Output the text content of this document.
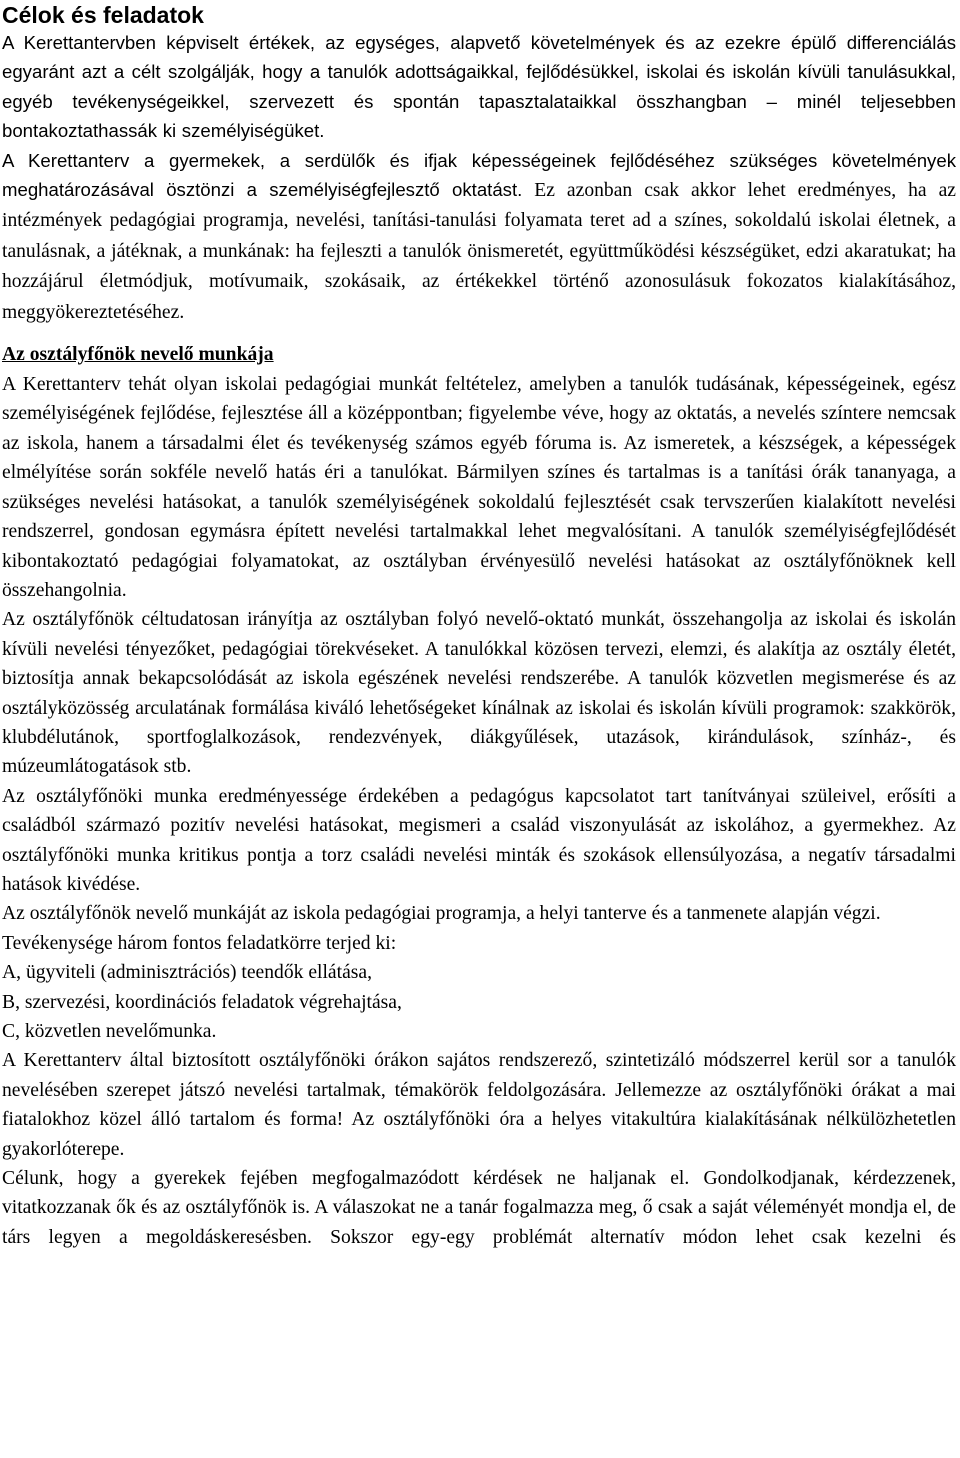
Célok és feladatok

A Kerettantervben képviselt értékek, az egységes, alapvető követelmények és az ezekre épülő differenciálás egyaránt azt a célt szolgálják, hogy a tanulók adottságaikkal, fejlődésükkel, iskolai és iskolán kívüli tanulásukkal, egyéb tevékenységeikkel, szervezett és spontán tapasztalataikkal összhangban – minél teljesebben bontakoztathassák ki személyiségüket.

A Kerettanterv a gyermekek, a serdülők és ifjak képességeinek fejlődéséhez szükséges követelmények meghatározásával ösztönzi a személyiségfejlesztő oktatást. Ez azonban csak akkor lehet eredményes, ha az intézmények pedagógiai programja, nevelési, tanítási-tanulási folyamata teret ad a színes, sokoldalú iskolai életnek, a tanulásnak, a játéknak, a munkának: ha fejleszti a tanulók önismeretét, együttműködési készségüket, edzi akaratukat; ha hozzájárul életmódjuk, motívumaik, szokásaik, az értékekkel történő azonosulásuk fokozatos kialakításához, meggyökereztetéséhez.

Az osztályfőnök nevelő munkája

A Kerettanterv tehát olyan iskolai pedagógiai munkát feltételez, amelyben a tanulók tudásának, képességeinek, egész személyiségének fejlődése, fejlesztése áll a középpontban; figyelembe véve, hogy az oktatás, a nevelés színtere nemcsak az iskola, hanem a társadalmi élet és tevékenység számos egyéb fóruma is. Az ismeretek, a készségek, a képességek elmélyítése során sokféle nevelő hatás éri a tanulókat. Bármilyen színes és tartalmas is a tanítási órák tananyaga, a szükséges nevelési hatásokat, a tanulók személyiségének sokoldalú fejlesztését csak tervszerűen kialakított nevelési rendszerrel, gondosan egymásra épített nevelési tartalmakkal lehet megvalósítani. A tanulók személyiségfejlődését kibontakoztató pedagógiai folyamatokat, az osztályban érvényesülő nevelési hatásokat az osztályfőnöknek kell összehangolnia.

Az osztályfőnök céltudatosan irányítja az osztályban folyó nevelő-oktató munkát, összehangolja az iskolai és iskolán kívüli nevelési tényezőket, pedagógiai törekvéseket. A tanulókkal közösen tervezi, elemzi, és alakítja az osztály életét, biztosítja annak bekapcsolódását az iskola egészének nevelési rendszerébe. A tanulók közvetlen megismerése és az osztályközösség arculatának formálása kiváló lehetőségeket kínálnak az iskolai és iskolán kívüli programok: szakkörök, klubdélutánok, sportfoglalkozások, rendezvények, diákgyűlések, utazások, kirándulások, színház-, és múzeumlátogatások stb.

Az osztályfőnöki munka eredményessége érdekében a pedagógus kapcsolatot tart tanítványai szüleivel, erősíti a családból származó pozitív nevelési hatásokat, megismeri a család viszonyulását az iskolához, a gyermekhez. Az osztályfőnöki munka kritikus pontja a torz családi nevelési minták és szokások ellensúlyozása, a negatív társadalmi hatások kivédése.

Az osztályfőnök nevelő munkáját az iskola pedagógiai programja, a helyi tanterve és a tanmenete alapján végzi.

Tevékenysége három fontos feladatkörre terjed ki:

A, ügyviteli (adminisztrációs) teendők ellátása,

B, szervezési, koordinációs feladatok végrehajtása,

C, közvetlen nevelőmunka.

A Kerettanterv által biztosított osztályfőnöki órákon sajátos rendszerező, szintetizáló módszerrel kerül sor a tanulók nevelésében szerepet játszó nevelési tartalmak, témakörök feldolgozására. Jellemezze az osztályfőnöki órákat a mai fiatalokhoz közel álló tartalom és forma! Az osztályfőnöki óra a helyes vitakultúra kialakításának nélkülözhetetlen gyakorlóterepe.

Célunk, hogy a gyerekek fejében megfogalmazódott kérdések ne haljanak el. Gondolkodjanak, kérdezzenek, vitatkozzanak ők és az osztályfőnök is. A válaszokat ne a tanár fogalmazza meg, ő csak a saját véleményét mondja el, de társ legyen a megoldáskeresésben. Sokszor egy-egy problémát alternatív módon lehet csak kezelni és
